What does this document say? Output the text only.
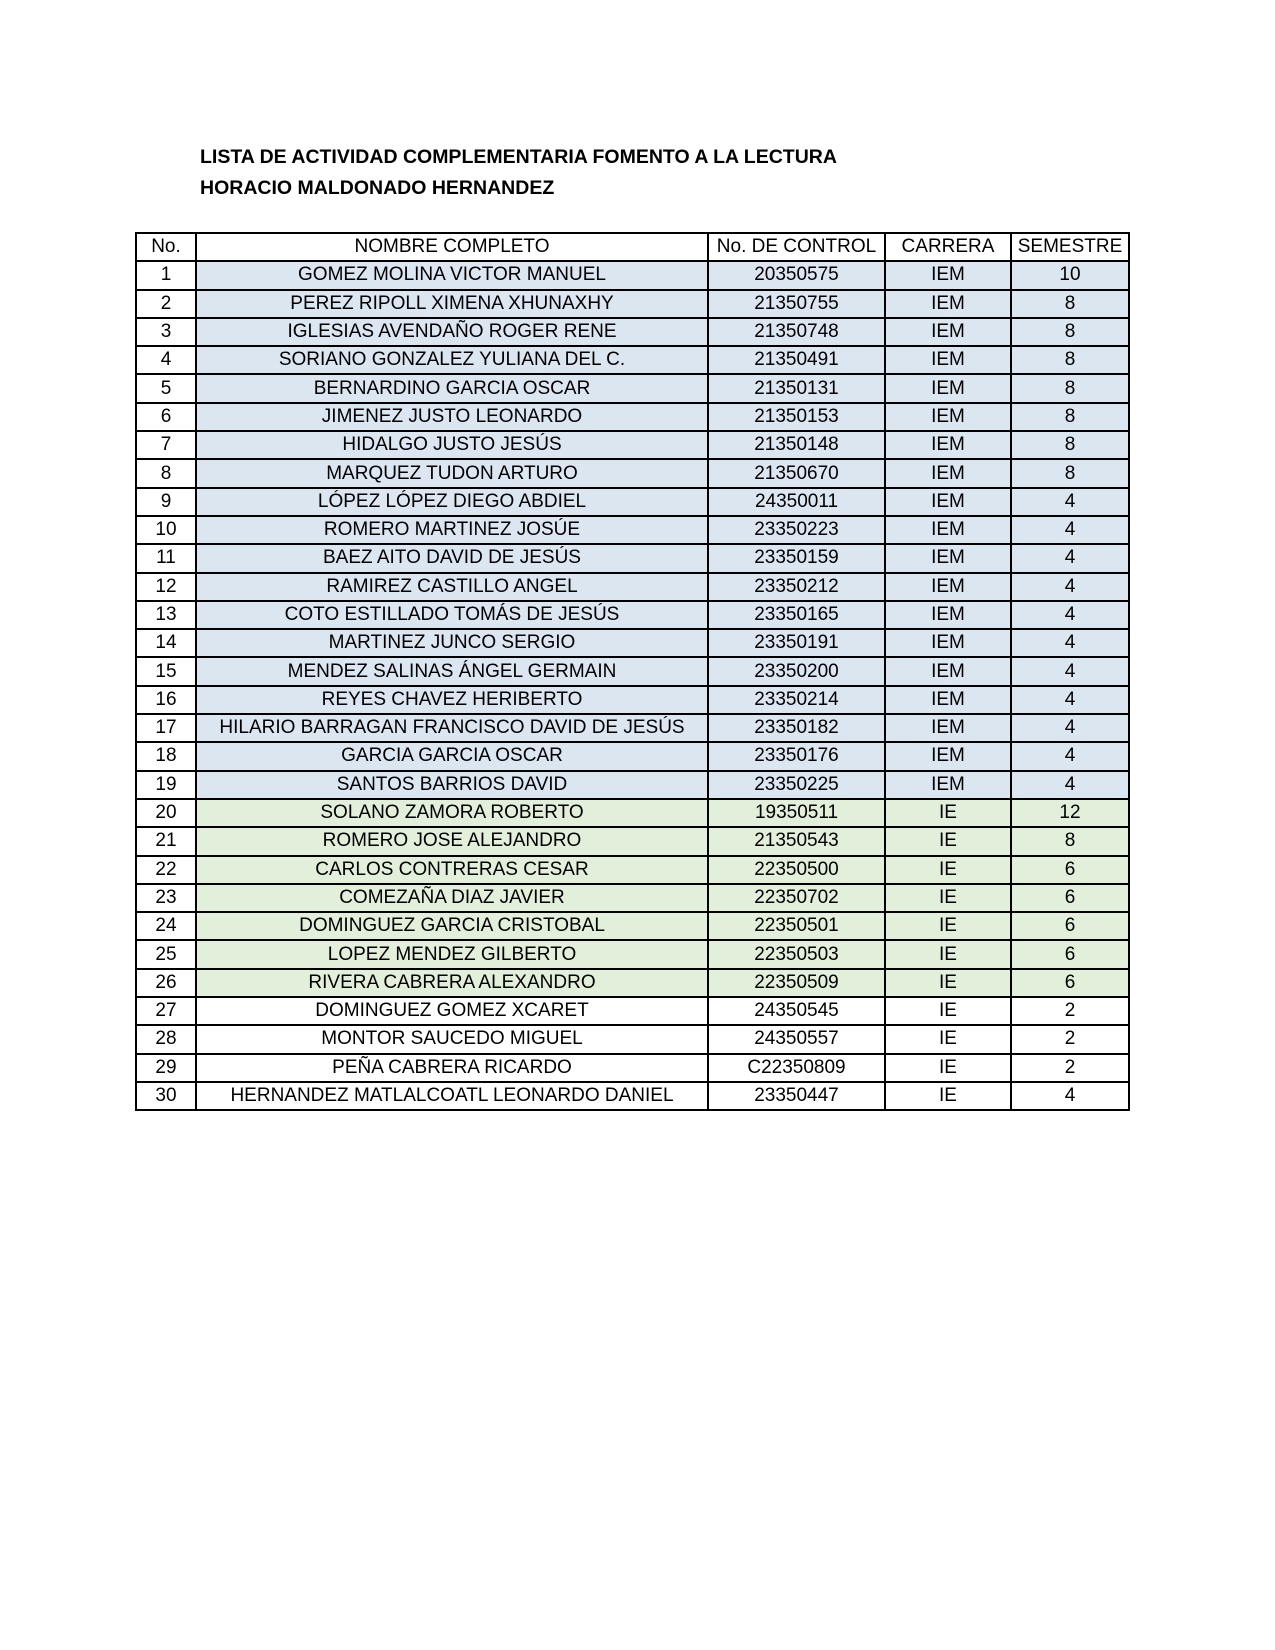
LISTA DE ACTIVIDAD COMPLEMENTARIA FOMENTO A LA LECTURA
HORACIO MALDONADO HERNANDEZ
No.	NOMBRE COMPLETO	No. DE CONTROL	CARRERA	SEMESTRE
1	GOMEZ MOLINA VICTOR MANUEL	20350575	IEM	10
2	PEREZ RIPOLL XIMENA XHUNAXHY	21350755	IEM	8
3	IGLESIAS AVENDAÑO ROGER RENE	21350748	IEM	8
4	SORIANO GONZALEZ YULIANA DEL C.	21350491	IEM	8
5	BERNARDINO GARCIA OSCAR	21350131	IEM	8
6	JIMENEZ JUSTO LEONARDO	21350153	IEM	8
7	HIDALGO JUSTO JESÚS	21350148	IEM	8
8	MARQUEZ TUDON ARTURO	21350670	IEM	8
9	LÓPEZ LÓPEZ DIEGO ABDIEL	24350011	IEM	4
10	ROMERO MARTINEZ JOSÚE	23350223	IEM	4
11	BAEZ AITO DAVID DE JESÚS	23350159	IEM	4
12	RAMIREZ CASTILLO ANGEL	23350212	IEM	4
13	COTO ESTILLADO TOMÁS DE JESÚS	23350165	IEM	4
14	MARTINEZ JUNCO SERGIO	23350191	IEM	4
15	MENDEZ SALINAS ÁNGEL GERMAIN	23350200	IEM	4
16	REYES CHAVEZ HERIBERTO	23350214	IEM	4
17	HILARIO BARRAGAN FRANCISCO DAVID DE JESÚS	23350182	IEM	4
18	GARCIA GARCIA OSCAR	23350176	IEM	4
19	SANTOS BARRIOS DAVID	23350225	IEM	4
20	SOLANO ZAMORA ROBERTO	19350511	IE	12
21	ROMERO JOSE ALEJANDRO	21350543	IE	8
22	CARLOS CONTRERAS CESAR	22350500	IE	6
23	COMEZAÑA DIAZ JAVIER	22350702	IE	6
24	DOMINGUEZ GARCIA CRISTOBAL	22350501	IE	6
25	LOPEZ MENDEZ GILBERTO	22350503	IE	6
26	RIVERA CABRERA ALEXANDRO	22350509	IE	6
27	DOMINGUEZ GOMEZ XCARET	24350545	IE	2
28	MONTOR SAUCEDO MIGUEL	24350557	IE	2
29	PEÑA CABRERA RICARDO	C22350809	IE	2
30	HERNANDEZ MATLALCOATL LEONARDO DANIEL	23350447	IE	4
